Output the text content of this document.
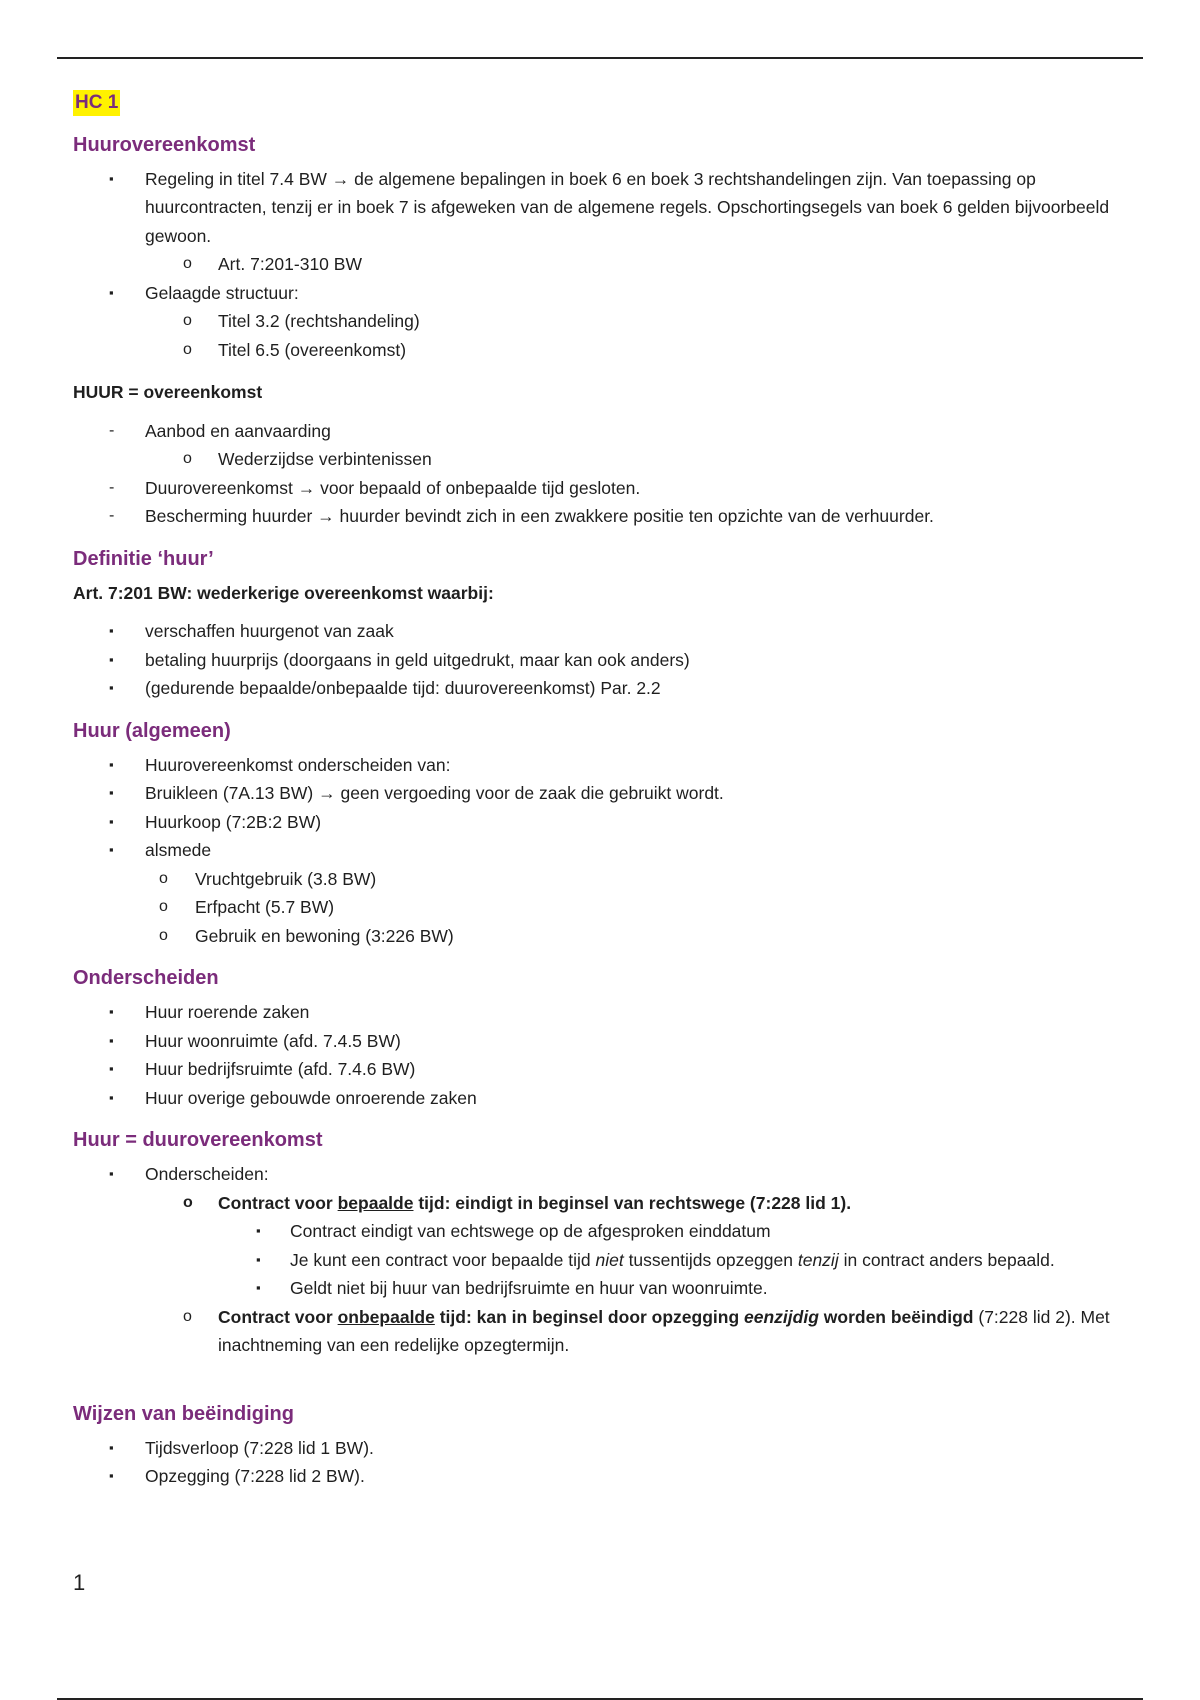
HC 1
Huurovereenkomst
▪ Regeling in titel 7.4 BW → de algemene bepalingen in boek 6 en boek 3 rechtshandelingen zijn. Van toepassing op huurcontracten, tenzij er in boek 7 is afgeweken van de algemene regels. Opschortingsegels van boek 6 gelden bijvoorbeeld gewoon.
o Art. 7:201-310 BW
▪ Gelaagde structuur:
o Titel 3.2 (rechtshandeling)
o Titel 6.5 (overeenkomst)
HUUR = overeenkomst
- Aanbod en aanvaarding
o Wederzijdse verbintenissen
- Duurovereenkomst → voor bepaald of onbepaalde tijd gesloten.
- Bescherming huurder → huurder bevindt zich in een zwakkere positie ten opzichte van de verhuurder.
Definitie ‘huur’
Art. 7:201 BW: wederkerige overeenkomst waarbij:
▪ verschaffen huurgenot van zaak
▪ betaling huurprijs (doorgaans in geld uitgedrukt, maar kan ook anders)
▪ (gedurende bepaalde/onbepaalde tijd: duurovereenkomst) Par. 2.2
Huur (algemeen)
▪ Huurovereenkomst onderscheiden van:
▪ Bruikleen (7A.13 BW) → geen vergoeding voor de zaak die gebruikt wordt.
▪ Huurkoop (7:2B:2 BW)
▪ alsmede
o Vruchtgebruik (3.8 BW)
o Erfpacht (5.7 BW)
o Gebruik en bewoning (3:226 BW)
Onderscheiden
▪ Huur roerende zaken
▪ Huur woonruimte (afd. 7.4.5 BW)
▪ Huur bedrijfsruimte (afd. 7.4.6 BW)
▪ Huur overige gebouwde onroerende zaken
Huur = duurovereenkomst
▪ Onderscheiden:
o Contract voor bepaalde tijd: eindigt in beginsel van rechtswege (7:228 lid 1).
▪ Contract eindigt van echtswege op de afgesproken einddatum
▪ Je kunt een contract voor bepaalde tijd niet tussentijds opzeggen tenzij in contract anders bepaald.
▪ Geldt niet bij huur van bedrijfsruimte en huur van woonruimte.
o Contract voor onbepaalde tijd: kan in beginsel door opzegging eenzijdig worden beëindigd (7:228 lid 2). Met inachtneming van een redelijke opzegtermijn.
Wijzen van beëindiging
▪ Tijdsverloop (7:228 lid 1 BW).
▪ Opzegging (7:228 lid 2 BW).
1
